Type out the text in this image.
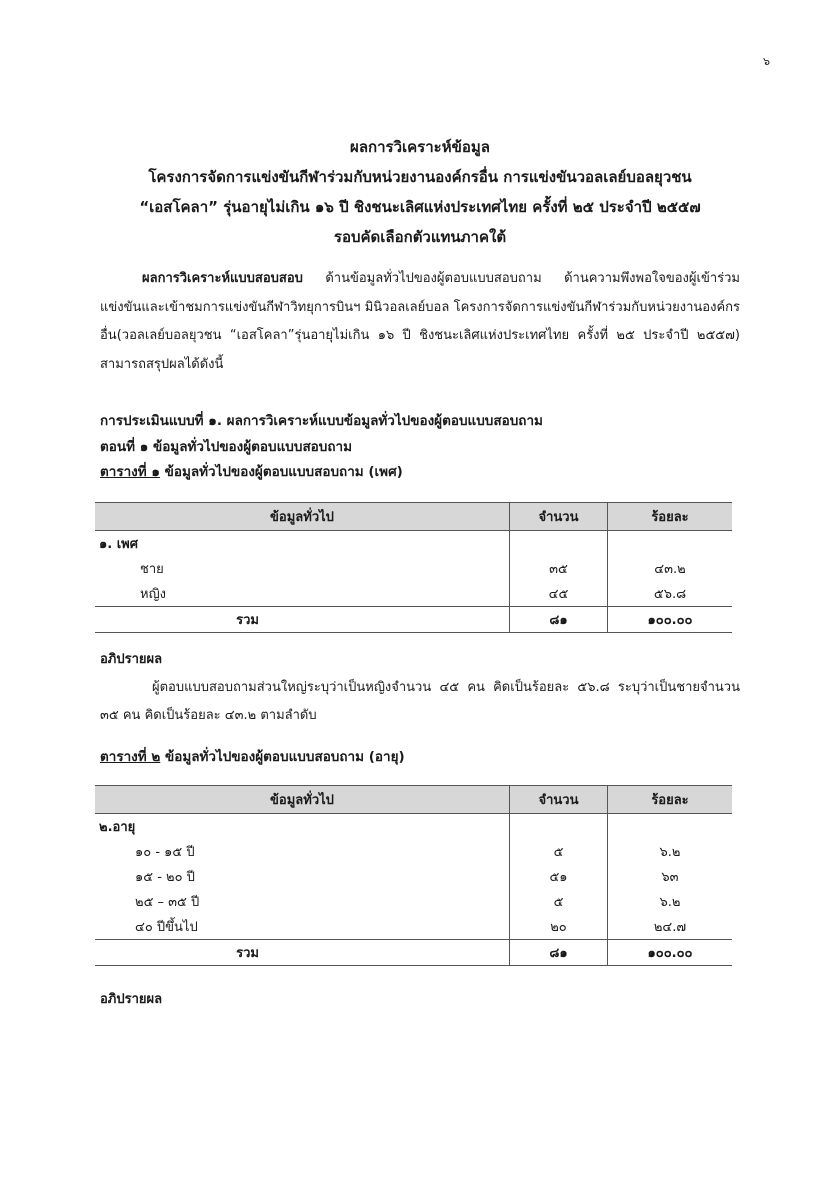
๖
ผลการวิเคราะห์ข้อมูล
โครงการจัดการแข่งขันกีฬาร่วมกับหน่วยงานองค์กรอื่น การแข่งขันวอลเลย์บอลยุวชน
“เอสโคลา” รุ่นอายุไม่เกิน ๑๖ ปี ชิงชนะเลิศแห่งประเทศไทย ครั้งที่ ๒๕ ประจำปี ๒๕๕๗
รอบคัดเลือกตัวแทนภาคใต้

ผลการวิเคราะห์แบบสอบสอบ ด้านข้อมูลทั่วไปของผู้ตอบแบบสอบถาม ด้านความพึงพอใจของผู้เข้าร่วมแข่งขันและเข้าชมการแข่งขันกีฬาวิทยุการบินฯ มินิวอลเลย์บอล โครงการจัดการแข่งขันกีฬาร่วมกับหน่วยงานองค์กรอื่น(วอลเลย์บอลยุวชน “เอสโคลา”รุ่นอายุไม่เกิน ๑๖ ปี ชิงชนะเลิศแห่งประเทศไทย ครั้งที่ ๒๕ ประจำปี ๒๕๕๗) สามารถสรุปผลได้ดังนี้

การประเมินแบบที่ ๑. ผลการวิเคราะห์แบบข้อมูลทั่วไปของผู้ตอบแบบสอบถาม
ตอนที่ ๑ ข้อมูลทั่วไปของผู้ตอบแบบสอบถาม
ตารางที่ ๑ ข้อมูลทั่วไปของผู้ตอบแบบสอบถาม (เพศ)
ข้อมูลทั่วไป	จำนวน	ร้อยละ
๑. เพศ		
ชาย	๓๕	๔๓.๒
หญิง	๔๕	๕๖.๘
รวม	๘๑	๑๐๐.๐๐
อภิปรายผล

ผู้ตอบแบบสอบถามส่วนใหญ่ระบุว่าเป็นหญิงจำนวน ๔๕ คน คิดเป็นร้อยละ ๕๖.๘ ระบุว่าเป็นชายจำนวน ๓๕ คน คิดเป็นร้อยละ ๔๓.๒ ตามลำดับ

ตารางที่ ๒ ข้อมูลทั่วไปของผู้ตอบแบบสอบถาม (อายุ)
ข้อมูลทั่วไป	จำนวน	ร้อยละ
๒.อายุ		
๑๐ - ๑๕ ปี	๕	๖.๒
๑๕ - ๒๐ ปี	๕๑	๖๓
๒๕ – ๓๕ ปี	๕	๖.๒
๔๐ ปีขึ้นไป	๒๐	๒๔.๗
รวม	๘๑	๑๐๐.๐๐
อภิปรายผล
